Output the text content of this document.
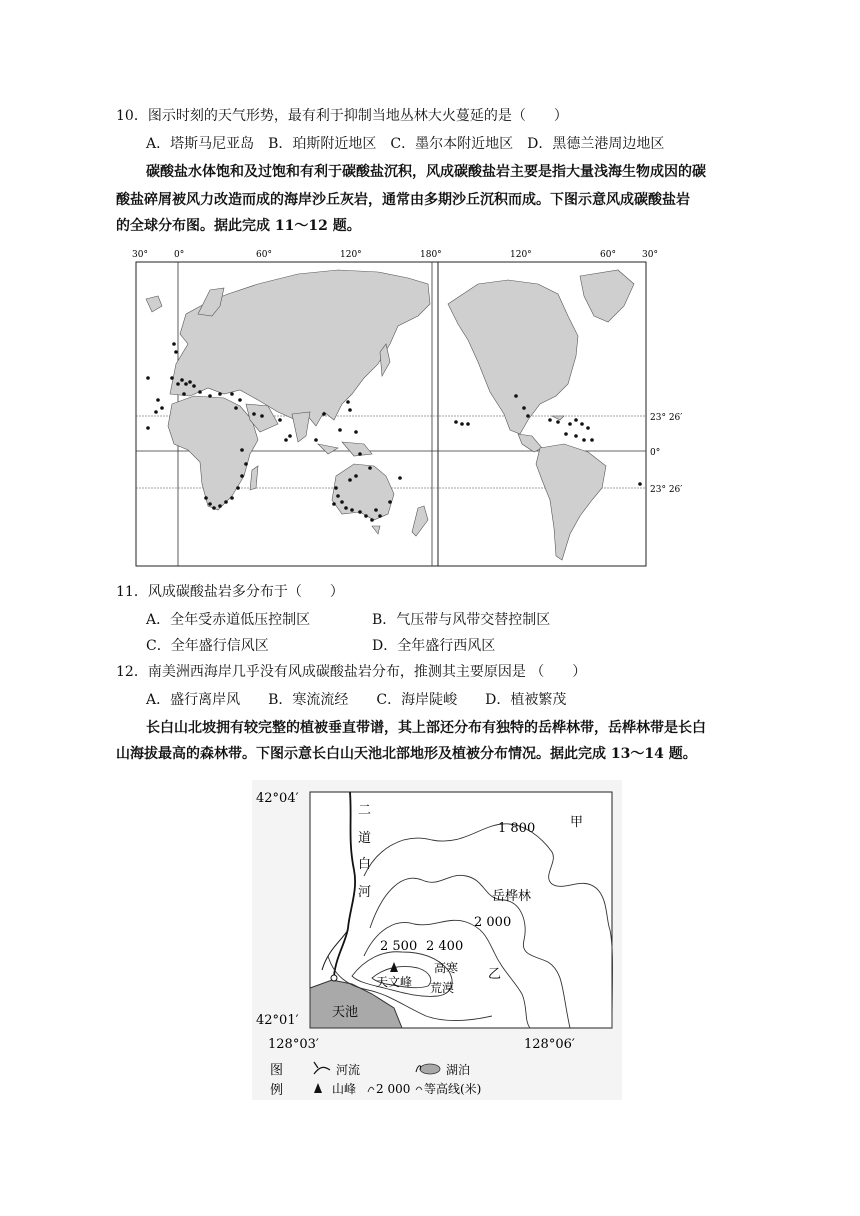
10．图示时刻的天气形势，最有利于抑制当地丛林大火蔓延的是（　　）
A．塔斯马尼亚岛　B．珀斯附近地区　C．墨尔本附近地区　D．黑德兰港周边地区
碳酸盐水体饱和及过饱和有利于碳酸盐沉积，风成碳酸盐岩主要是指大量浅海生物成因的碳
酸盐碎屑被风力改造而成的海岸沙丘灰岩，通常由多期沙丘沉积而成。下图示意风成碳酸盐岩
的全球分布图。据此完成 11～12 题。
30°	0°	60°	120°	180°	120°	60°	30°
23° 26′
0°
23° 26′
11．风成碳酸盐岩多分布于（　　）
A．全年受赤道低压控制区	B．气压带与风带交替控制区
C．全年盛行信风区	D．全年盛行西风区
12．南美洲西海岸几乎没有风成碳酸盐岩分布，推测其主要原因是 （　　）
A．盛行离岸风　　B．寒流流经　　C．海岸陡峻　　D．植被繁茂
长白山北坡拥有较完整的植被垂直带谱，其上部还分布有独特的岳桦林带，岳桦林带是长白
山海拔最高的森林带。下图示意长白山天池北部地形及植被分布情况。据此完成 13～14 题。
42°04′
42°01′
天池
二
道
白
河
1 800
2 000
2 400
2 500
天文峰
甲
乙
岳桦林
高寒
荒漠
128°03′	128°06′
图
例
河流	湖泊
山峰 2 000 等高线(米)
